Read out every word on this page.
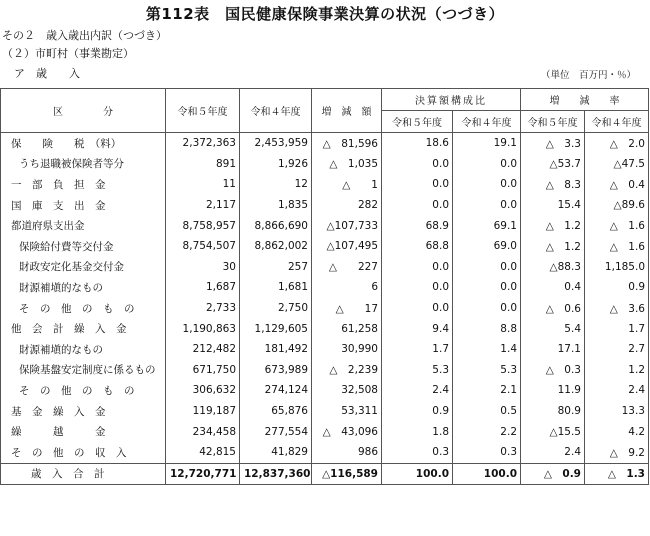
第112表　国民健康保険事業決算の状況（つづき）
その２　歳入歳出内訳（つづき）
（２）市町村（事業勘定）
ア　歳　　入	（単位　百万円・％）
区　　　　分	令和５年度	令和４年度	増　減　額	決算額構成比		増　　減　　率	
				令和５年度	令和４年度	令和５年度	令和４年度

保　　険　　税　（料）	2,372,363	2,453,959	△　81,596	18.6	19.1	△　3.3	△　2.0

うち退職被保険者等分	891	1,926	△　1,035	0.0	0.0	△53.7	△47.5

一　部　負　担　金	11	12	△　　1	0.0	0.0	△　8.3	△　0.4

国　庫　支　出　金	2,117	1,835	282	0.0	0.0	15.4	△89.6

都道府県支出金	8,758,957	8,866,690	△107,733	68.9	69.1	△　1.2	△　1.6

保険給付費等交付金	8,754,507	8,862,002	△107,495	68.8	69.0	△　1.2	△　1.6

財政安定化基金交付金	30	257	△　　227	0.0	0.0	△88.3	1,185.0

財源補塡的なもの	1,687	1,681	6	0.0	0.0	0.4	0.9

そ　の　他　の　も　の	2,733	2,750	△　　17	0.0	0.0	△　0.6	△　3.6

他　会　計　繰　入　金	1,190,863	1,129,605	61,258	9.4	8.8	5.4	1.7

財源補塡的なもの	212,482	181,492	30,990	1.7	1.4	17.1	2.7

保険基盤安定制度に係るもの	671,750	673,989	△　2,239	5.3	5.3	△　0.3	1.2

そ　の　他　の　も　の	306,632	274,124	32,508	2.4	2.1	11.9	2.4

基　金　繰　入　金	119,187	65,876	53,311	0.9	0.5	80.9	13.3

繰　　　越　　　金	234,458	277,554	△　43,096	1.8	2.2	△15.5	4.2

そ　の　他　の　収　入	42,815	41,829	986	0.3	0.3	2.4	△　9.2

歳　入　合　計	12,720,771	12,837,360	△116,589	100.0	100.0	△　0.9	△　1.3
